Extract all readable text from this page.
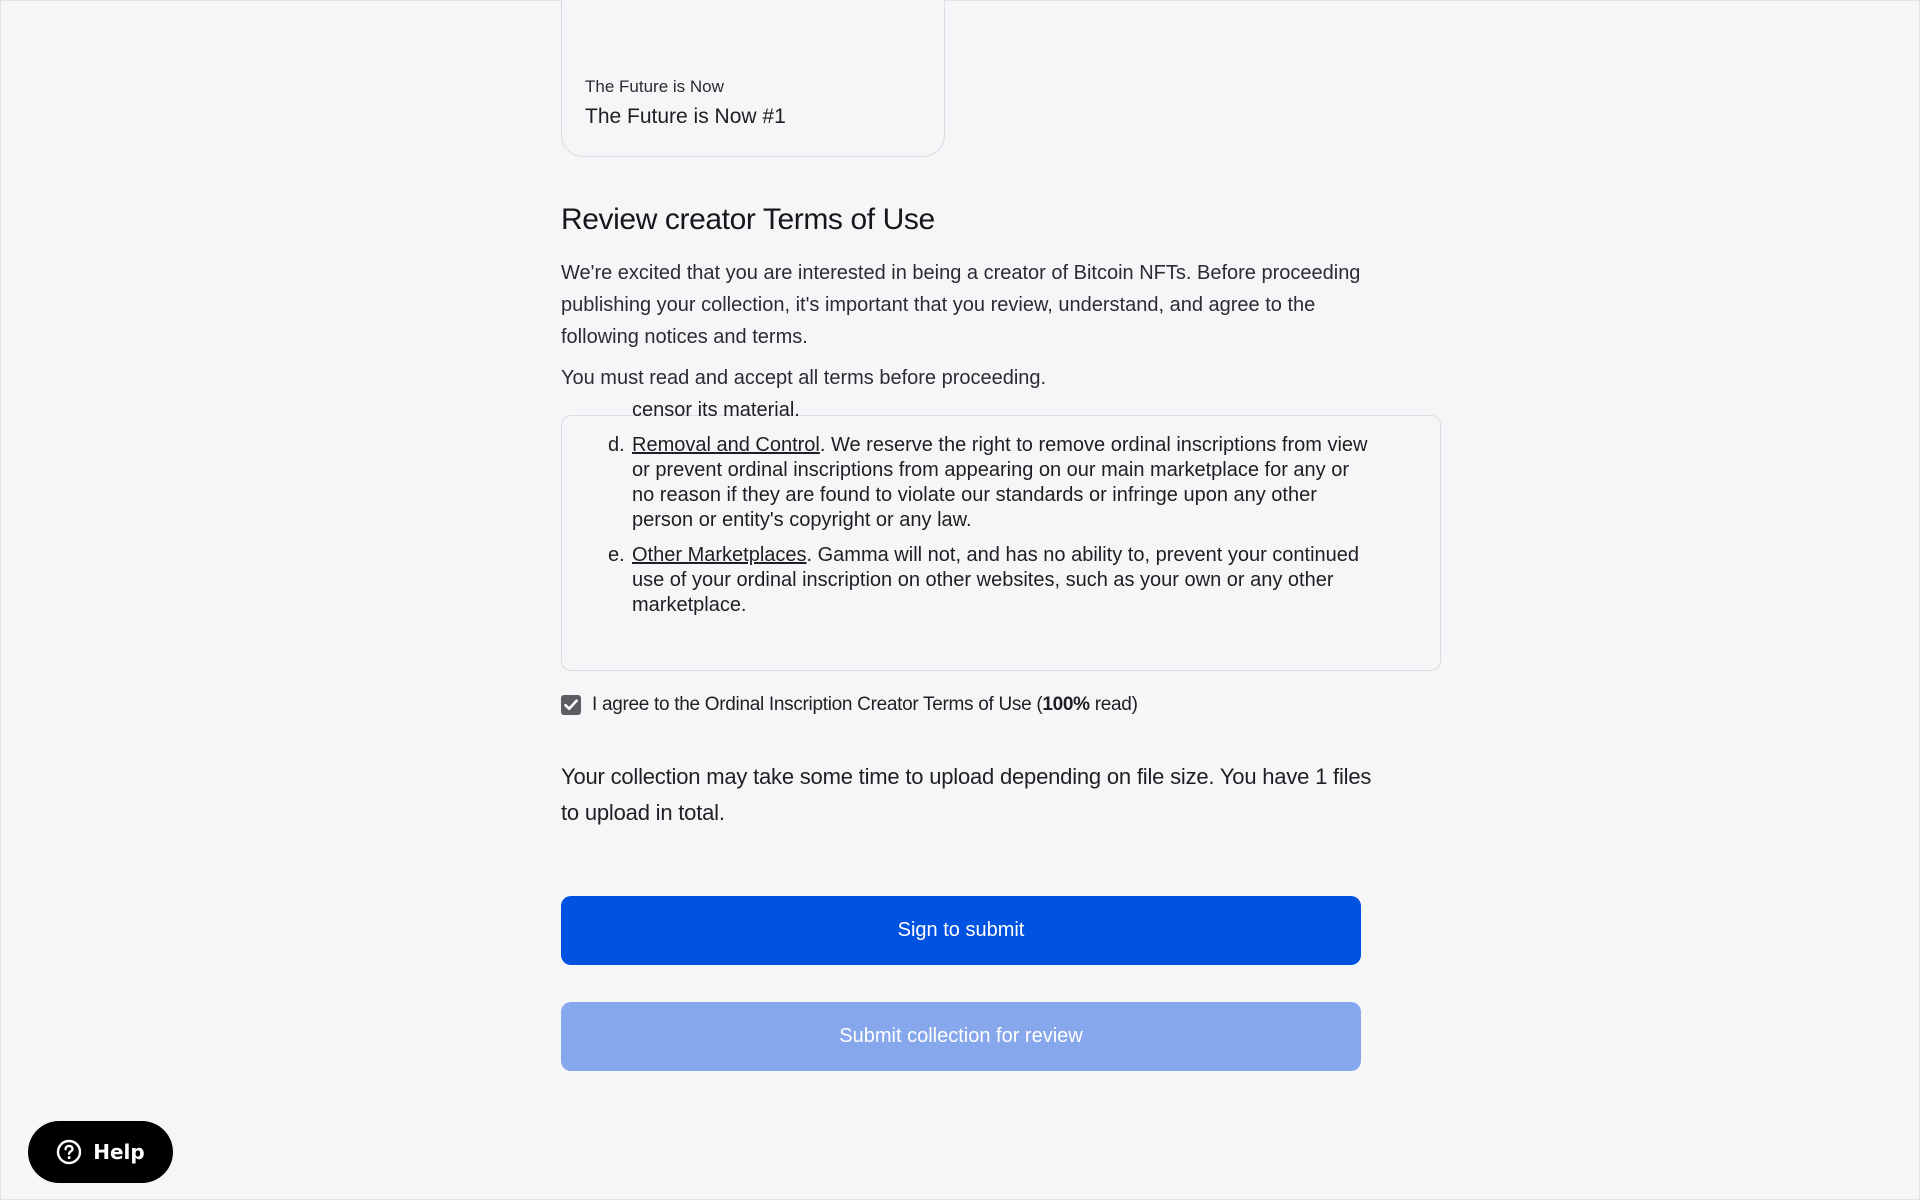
The Future is Now
The Future is Now #1
Review creator Terms of Use

We're excited that you are interested in being a creator of Bitcoin NFTs. Before proceeding publishing your collection, it's important that you review, understand, and agree to the following notices and terms.

You must read and accept all terms before proceeding.

censor its material.

d. Removal and Control. We reserve the right to remove ordinal inscriptions from view or prevent ordinal inscriptions from appearing on our main marketplace for any or no reason if they are found to violate our standards or infringe upon any other person or entity's copyright or any law.
e. Other Marketplaces. Gamma will not, and has no ability to, prevent your continued use of your ordinal inscription on other websites, such as your own or any other marketplace.
I agree to the Ordinal Inscription Creator Terms of Use (100% read)

Your collection may take some time to upload depending on file size. You have 1 files to upload in total.

Sign to submit
Submit collection for review
Help
